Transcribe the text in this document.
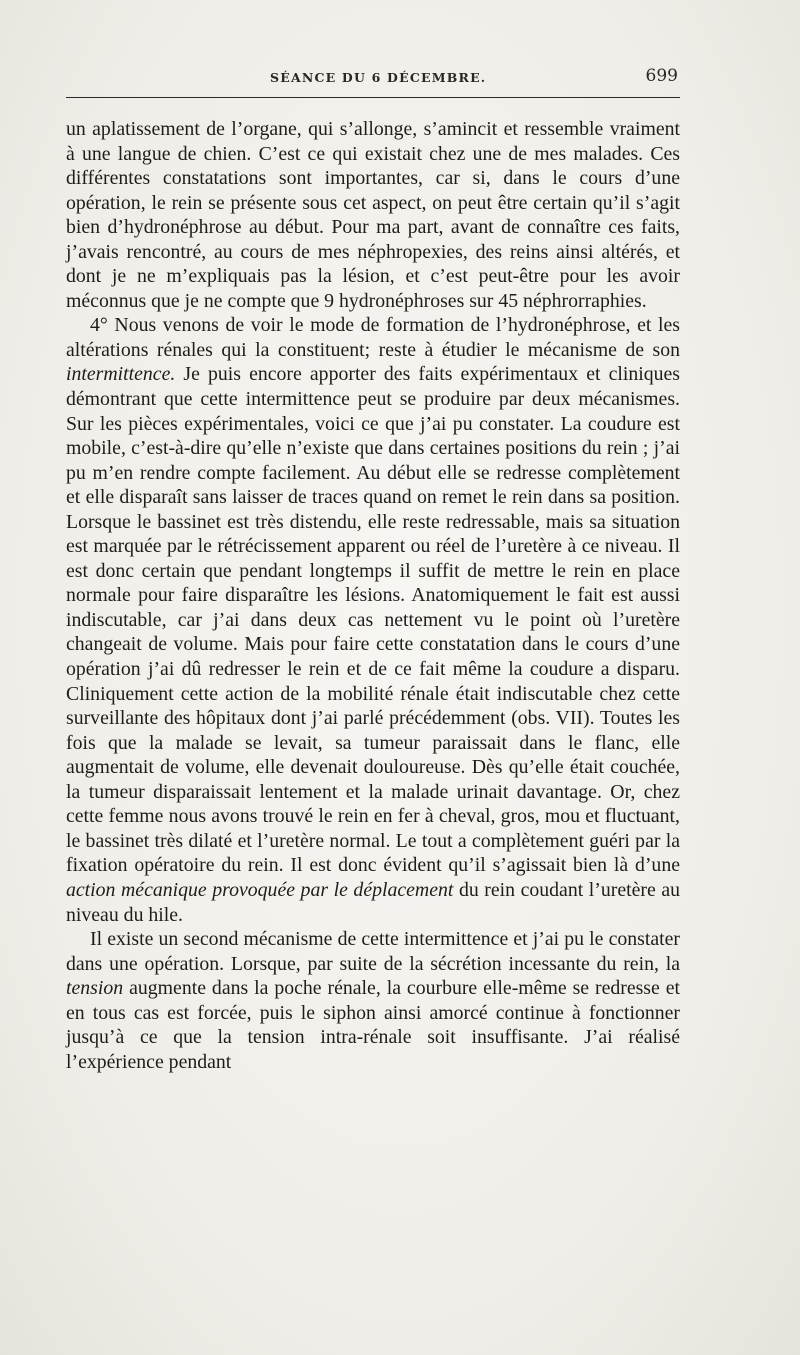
SÉANCE DU 6 DÉCEMBRE.	699

un aplatissement de l’organe, qui s’allonge, s’amincit et ressemble vraiment à une langue de chien. C’est ce qui existait chez une de mes malades. Ces différentes constatations sont importantes, car si, dans le cours d’une opération, le rein se présente sous cet aspect, on peut être certain qu’il s’agit bien d’hydronéphrose au début. Pour ma part, avant de connaître ces faits, j’avais rencontré, au cours de mes néphropexies, des reins ainsi altérés, et dont je ne m’expliquais pas la lésion, et c’est peut-être pour les avoir méconnus que je ne compte que 9 hydronéphroses sur 45 néphrorraphies.

4° Nous venons de voir le mode de formation de l’hydronéphrose, et les altérations rénales qui la constituent; reste à étudier le mécanisme de son intermittence. Je puis encore apporter des faits expérimentaux et cliniques démontrant que cette intermittence peut se produire par deux mécanismes. Sur les pièces expérimentales, voici ce que j’ai pu constater. La coudure est mobile, c’est-à-dire qu’elle n’existe que dans certaines positions du rein ; j’ai pu m’en rendre compte facilement. Au début elle se redresse complètement et elle disparaît sans laisser de traces quand on remet le rein dans sa position. Lorsque le bassinet est très distendu, elle reste redressable, mais sa situation est marquée par le rétrécissement apparent ou réel de l’uretère à ce niveau. Il est donc certain que pendant longtemps il suffit de mettre le rein en place normale pour faire disparaître les lésions. Anatomiquement le fait est aussi indiscutable, car j’ai dans deux cas nettement vu le point où l’uretère changeait de volume. Mais pour faire cette constatation dans le cours d’une opération j’ai dû redresser le rein et de ce fait même la coudure a disparu. Cliniquement cette action de la mobilité rénale était indiscutable chez cette surveillante des hôpitaux dont j’ai parlé précédemment (obs. VII). Toutes les fois que la malade se levait, sa tumeur paraissait dans le flanc, elle augmentait de volume, elle devenait douloureuse. Dès qu’elle était couchée, la tumeur disparaissait lentement et la malade urinait davantage. Or, chez cette femme nous avons trouvé le rein en fer à cheval, gros, mou et fluctuant, le bassinet très dilaté et l’uretère normal. Le tout a complètement guéri par la fixation opératoire du rein. Il est donc évident qu’il s’agissait bien là d’une action mécanique provoquée par le déplacement du rein coudant l’uretère au niveau du hile.

Il existe un second mécanisme de cette intermittence et j’ai pu le constater dans une opération. Lorsque, par suite de la sécrétion incessante du rein, la tension augmente dans la poche rénale, la courbure elle-même se redresse et en tous cas est forcée, puis le siphon ainsi amorcé continue à fonctionner jusqu’à ce que la tension intra-rénale soit insuffisante. J’ai réalisé l’expérience pendant
